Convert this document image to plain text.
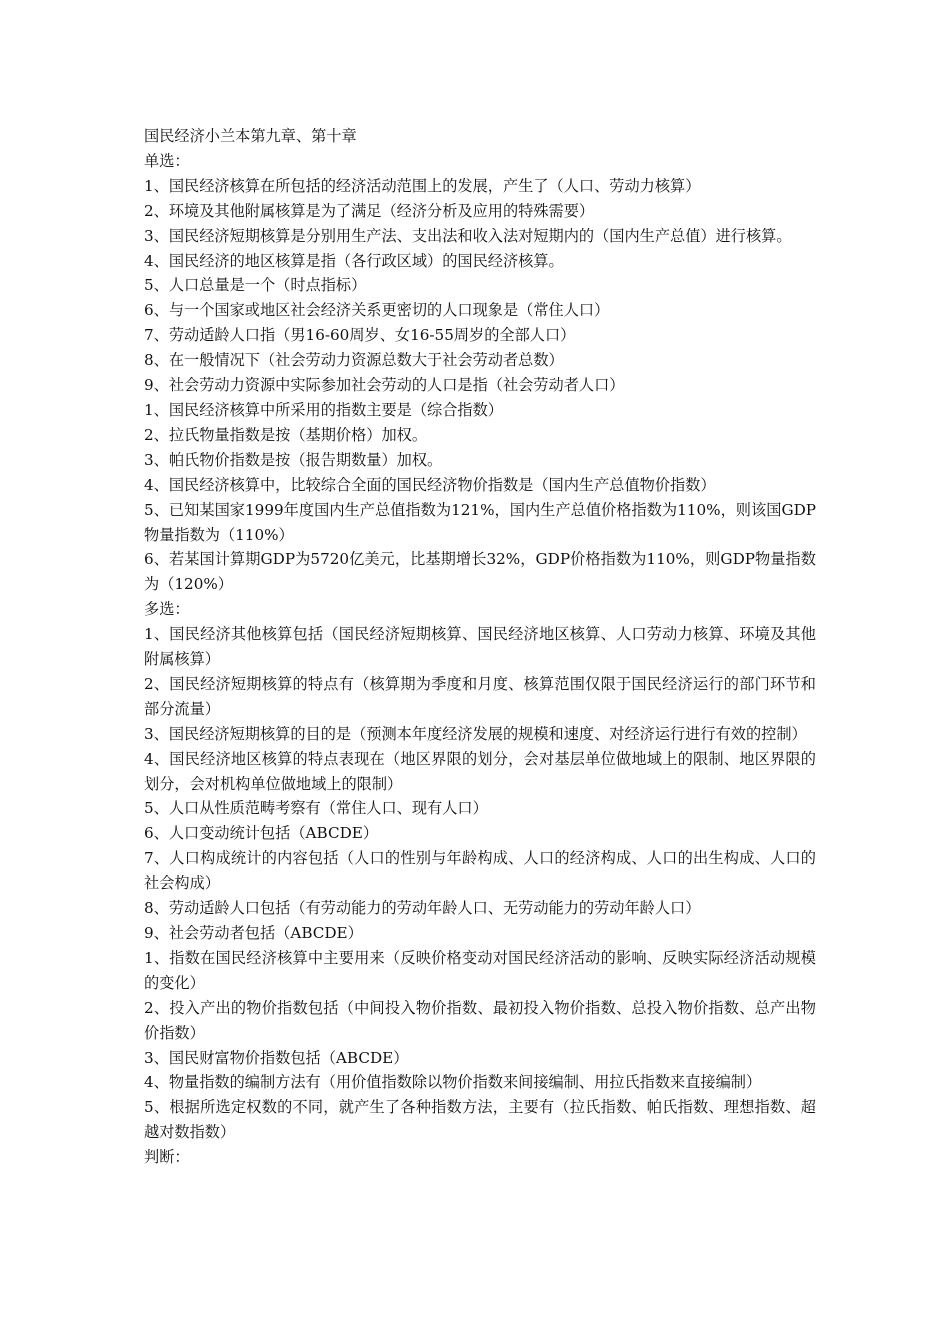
国民经济小兰本第九章、第十章

单选：

1、国民经济核算在所包括的经济活动范围上的发展，产生了（人口、劳动力核算）

2、环境及其他附属核算是为了满足（经济分析及应用的特殊需要）

3、国民经济短期核算是分别用生产法、支出法和收入法对短期内的（国内生产总值）进行核算。

4、国民经济的地区核算是指（各行政区域）的国民经济核算。

5、人口总量是一个（时点指标）

6、与一个国家或地区社会经济关系更密切的人口现象是（常住人口）

7、劳动适龄人口指（男16-60周岁、女16-55周岁的全部人口）

8、在一般情况下（社会劳动力资源总数大于社会劳动者总数）

9、社会劳动力资源中实际参加社会劳动的人口是指（社会劳动者人口）

1、国民经济核算中所采用的指数主要是（综合指数）

2、拉氏物量指数是按（基期价格）加权。

3、帕氏物价指数是按（报告期数量）加权。

4、国民经济核算中，比较综合全面的国民经济物价指数是（国内生产总值物价指数）

5、已知某国家1999年度国内生产总值指数为121%，国内生产总值价格指数为110%，则该国GDP物量指数为（110%）

6、若某国计算期GDP为5720亿美元，比基期增长32%，GDP价格指数为110%，则GDP物量指数为（120%）

多选：

1、国民经济其他核算包括（国民经济短期核算、国民经济地区核算、人口劳动力核算、环境及其他附属核算）

2、国民经济短期核算的特点有（核算期为季度和月度、核算范围仅限于国民经济运行的部门环节和部分流量）

3、国民经济短期核算的目的是（预测本年度经济发展的规模和速度、对经济运行进行有效的控制）

4、国民经济地区核算的特点表现在（地区界限的划分，会对基层单位做地域上的限制、地区界限的划分，会对机构单位做地域上的限制）

5、人口从性质范畴考察有（常住人口、现有人口）

6、人口变动统计包括（ABCDE）

7、人口构成统计的内容包括（人口的性别与年龄构成、人口的经济构成、人口的出生构成、人口的社会构成）

8、劳动适龄人口包括（有劳动能力的劳动年龄人口、无劳动能力的劳动年龄人口）

9、社会劳动者包括（ABCDE）

1、指数在国民经济核算中主要用来（反映价格变动对国民经济活动的影响、反映实际经济活动规模的变化）

2、投入产出的物价指数包括（中间投入物价指数、最初投入物价指数、总投入物价指数、总产出物价指数）

3、国民财富物价指数包括（ABCDE）

4、物量指数的编制方法有（用价值指数除以物价指数来间接编制、用拉氏指数来直接编制）

5、根据所选定权数的不同，就产生了各种指数方法，主要有（拉氏指数、帕氏指数、理想指数、超越对数指数）

判断：
